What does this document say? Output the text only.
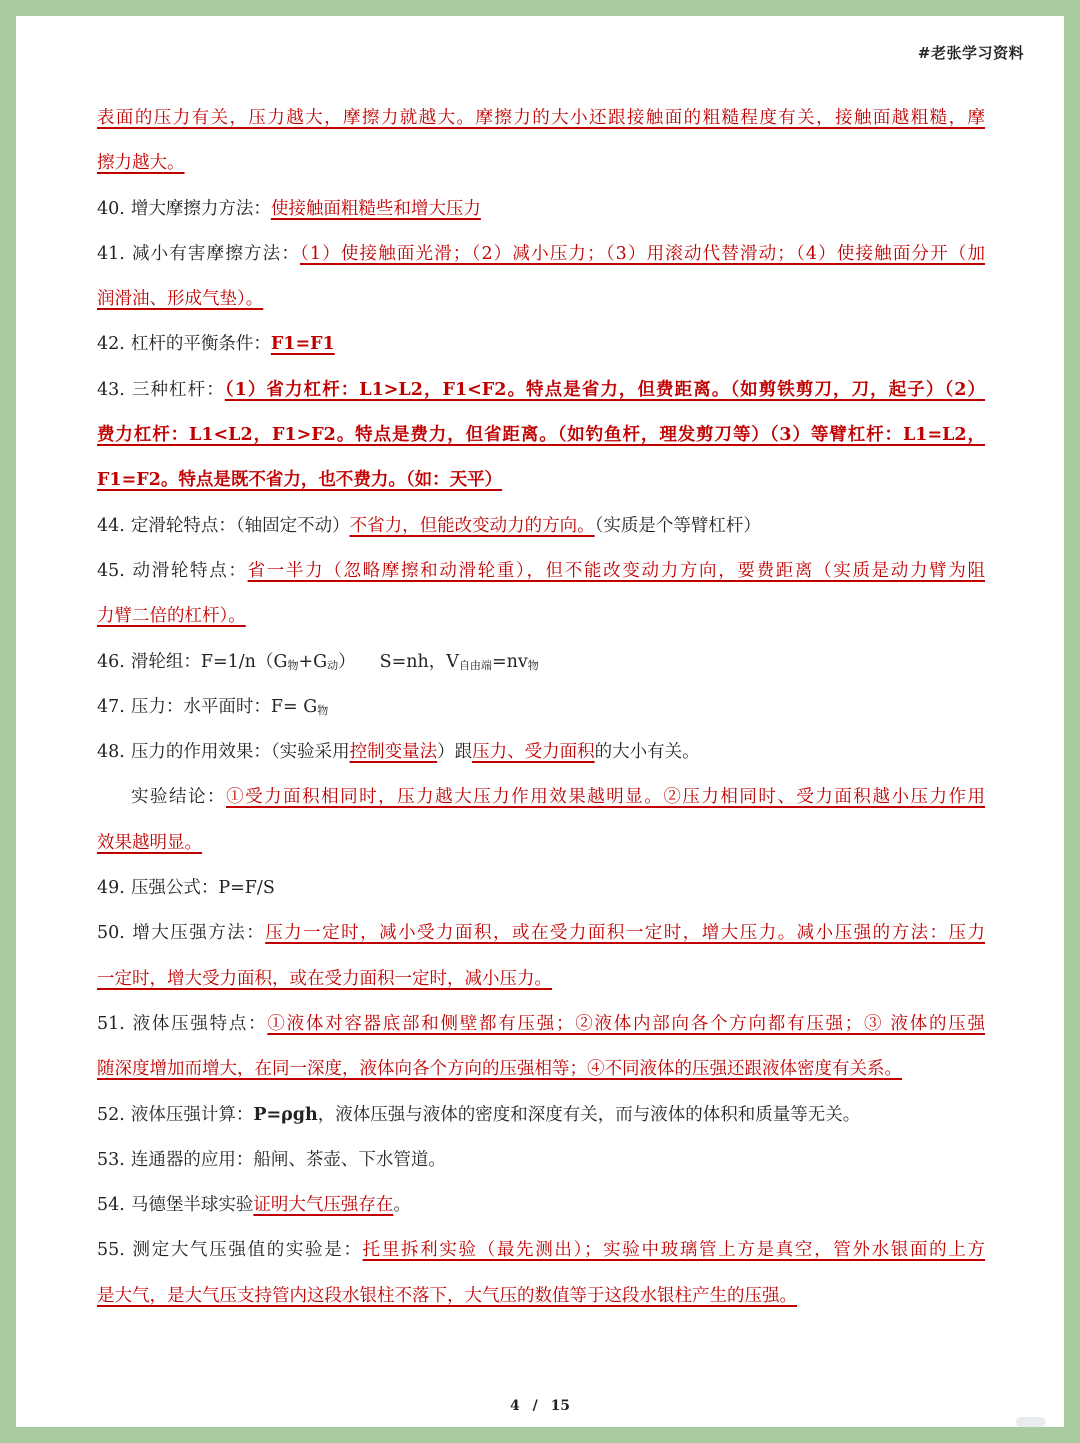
#老张学习资料
表面的压力有关，压力越大，摩擦力就越大。摩擦力的大小还跟接触面的粗糙程度有关，接触面越粗糙，摩
擦力越大。
40. 增大摩擦力方法：使接触面粗糙些和增大压力
41. 减小有害摩擦方法：（1）使接触面光滑；（2）减小压力；（3）用滚动代替滑动；（4）使接触面分开（加
润滑油、形成气垫）。
42. 杠杆的平衡条件：F1=F1
43. 三种杠杆：（1）省力杠杆：L1>L2，F1<F2。特点是省力，但费距离。（如剪铁剪刀，刀，起子）（2）
费力杠杆：L1<L2，F1>F2。特点是费力，但省距离。（如钓鱼杆，理发剪刀等）（3）等臂杠杆：L1=L2，
F1=F2。特点是既不省力，也不费力。（如：天平）
44. 定滑轮特点：（轴固定不动）不省力，但能改变动力的方向。（实质是个等臂杠杆）
45. 动滑轮特点：省一半力（忽略摩擦和动滑轮重），但不能改变动力方向，要费距离（实质是动力臂为阻
力臂二倍的杠杆）。
46. 滑轮组：$F=1/n(G_物+G_动)$ S=nh，$V_{自由端}=nv_物$
47. 压力：水平面时：$F= G_物$
48. 压力的作用效果：（实验采用控制变量法）跟压力、受力面积的大小有关。
实验结论：①受力面积相同时，压力越大压力作用效果越明显。②压力相同时、受力面积越小压力作用
效果越明显。
49. 压强公式：P=F/S
50. 增大压强方法：压力一定时，减小受力面积，或在受力面积一定时，增大压力。减小压强的方法：压力
一定时，增大受力面积，或在受力面积一定时，减小压力。
51. 液体压强特点：①液体对容器底部和侧壁都有压强；②液体内部向各个方向都有压强；③ 液体的压强
随深度增加而增大，在同一深度，液体向各个方向的压强相等；④不同液体的压强还跟液体密度有关系。
52. 液体压强计算：P=ρgh，液体压强与液体的密度和深度有关，而与液体的体积和质量等无关。
53. 连通器的应用：船闸、茶壶、下水管道。
54. 马德堡半球实验证明大气压强存在。
55. 测定大气压强值的实验是：托里拆利实验（最先测出）；实验中玻璃管上方是真空，管外水银面的上方
是大气，是大气压支持管内这段水银柱不落下，大气压的数值等于这段水银柱产生的压强。
4 / 15
